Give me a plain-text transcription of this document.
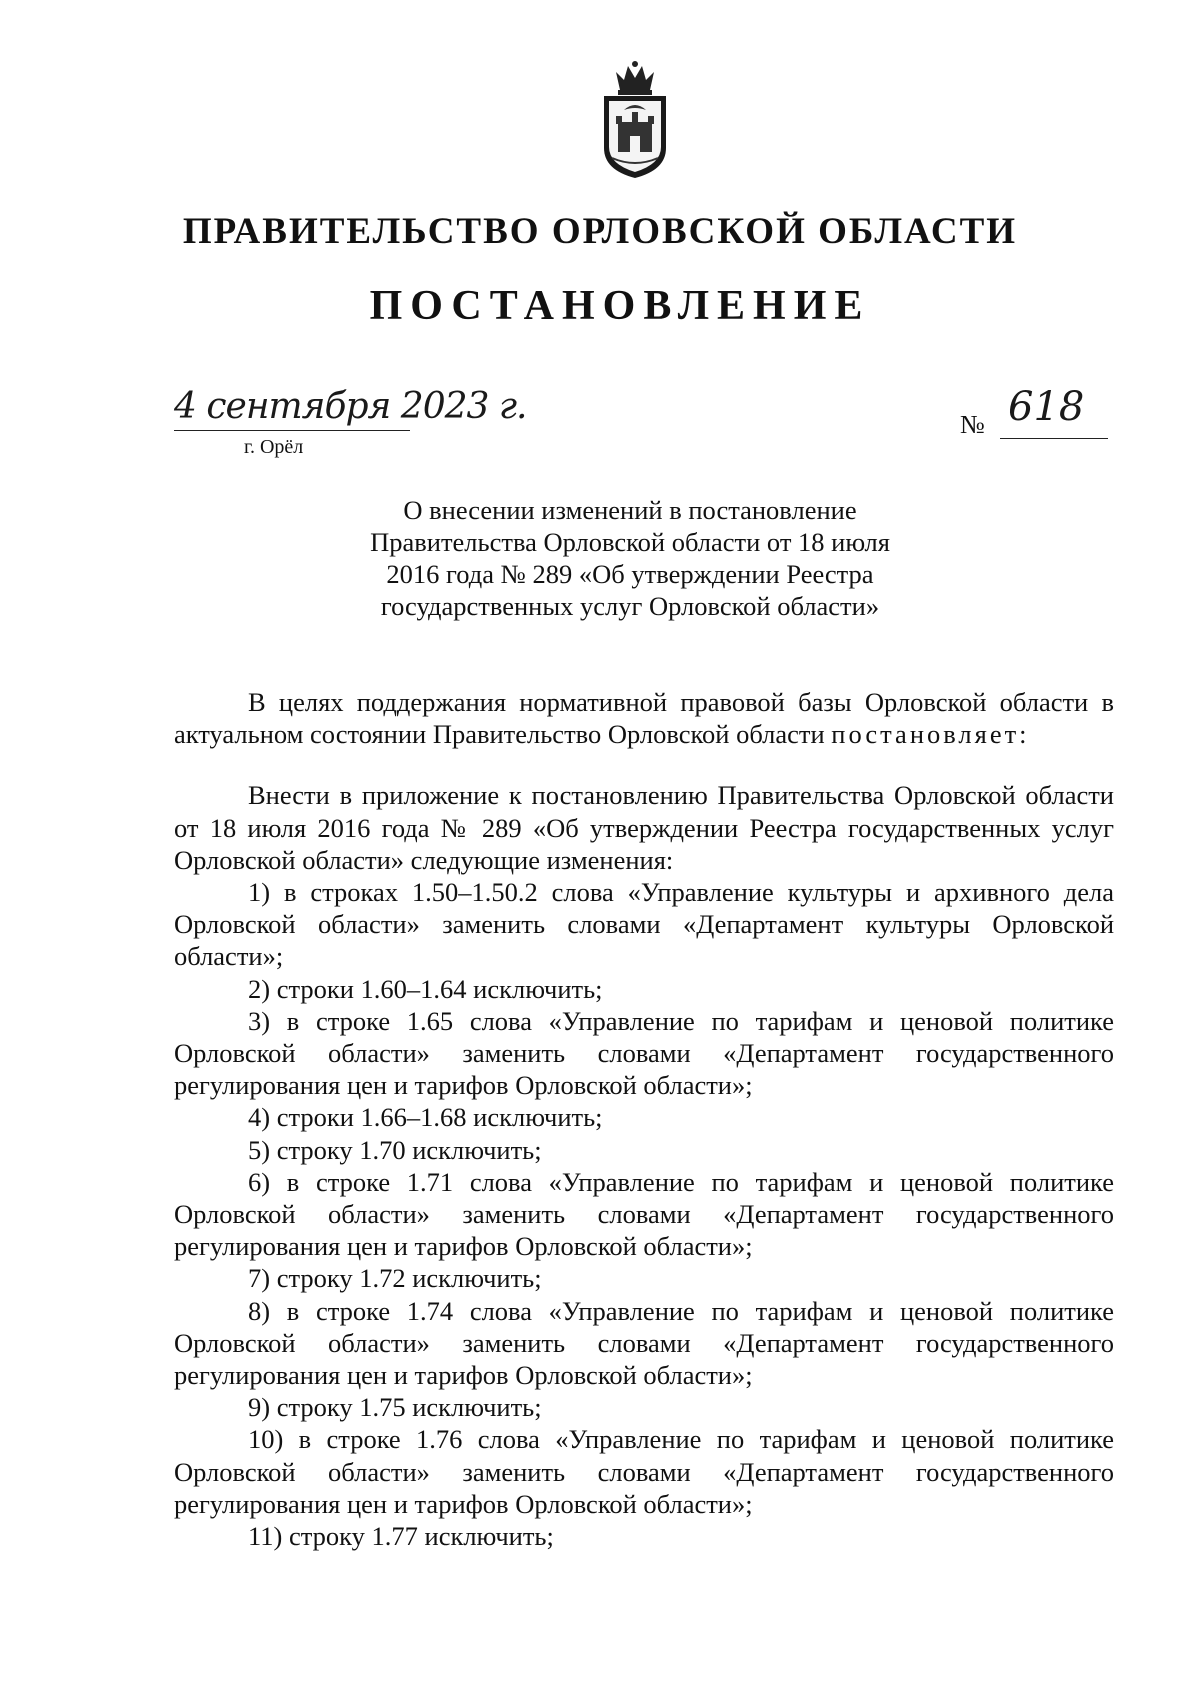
ПРАВИТЕЛЬСТВО ОРЛОВСКОЙ ОБЛАСТИ
ПОСТАНОВЛЕНИЕ
4 сентября 2023 г.
г. Орёл
№ 618
О внесении изменений в постановление
Правительства Орловской области от 18 июля
2016 года № 289 «Об утверждении Реестра
государственных услуг Орловской области»

В целях поддержания нормативной правовой базы Орловской области в актуальном состоянии Правительство Орловской области постановляет:

Внести в приложение к постановлению Правительства Орловской области от 18 июля 2016 года № 289 «Об утверждении Реестра государственных услуг Орловской области» следующие изменения:

1) в строках 1.50–1.50.2 слова «Управление культуры и архивного дела Орловской области» заменить словами «Департамент культуры Орловской области»;

2) строки 1.60–1.64 исключить;

3) в строке 1.65 слова «Управление по тарифам и ценовой политике Орловской области» заменить словами «Департамент государственного регулирования цен и тарифов Орловской области»;

4) строки 1.66–1.68 исключить;

5) строку 1.70 исключить;

6) в строке 1.71 слова «Управление по тарифам и ценовой политике Орловской области» заменить словами «Департамент государственного регулирования цен и тарифов Орловской области»;

7) строку 1.72 исключить;

8) в строке 1.74 слова «Управление по тарифам и ценовой политике Орловской области» заменить словами «Департамент государственного регулирования цен и тарифов Орловской области»;

9) строку 1.75 исключить;

10) в строке 1.76 слова «Управление по тарифам и ценовой политике Орловской области» заменить словами «Департамент государственного регулирования цен и тарифов Орловской области»;

11) строку 1.77 исключить;
